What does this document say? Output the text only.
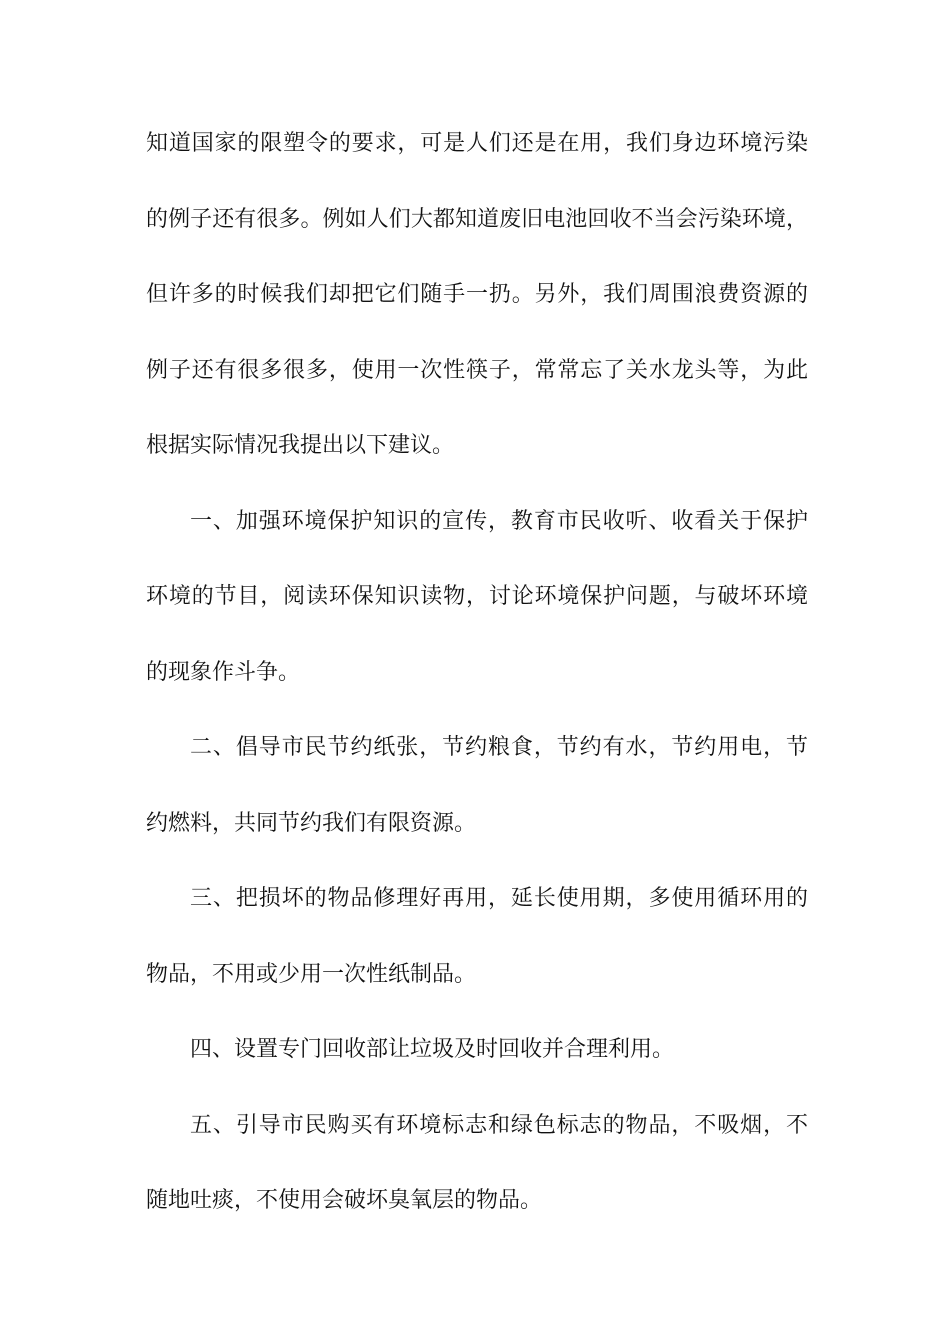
知道国家的限塑令的要求，可是人们还是在用，我们身边环境污染
的例子还有很多。例如人们大都知道废旧电池回收不当会污染环境，
但许多的时候我们却把它们随手一扔。另外，我们周围浪费资源的
例子还有很多很多，使用一次性筷子，常常忘了关水龙头等，为此
根据实际情况我提出以下建议。
一、加强环境保护知识的宣传，教育市民收听、收看关于保护
环境的节目，阅读环保知识读物，讨论环境保护问题，与破坏环境
的现象作斗争。
二、倡导市民节约纸张，节约粮食，节约有水，节约用电，节
约燃料，共同节约我们有限资源。
三、把损坏的物品修理好再用，延长使用期，多使用循环用的
物品，不用或少用一次性纸制品。
四、设置专门回收部让垃圾及时回收并合理利用。
五、引导市民购买有环境标志和绿色标志的物品，不吸烟，不
随地吐痰，不使用会破坏臭氧层的物品。
